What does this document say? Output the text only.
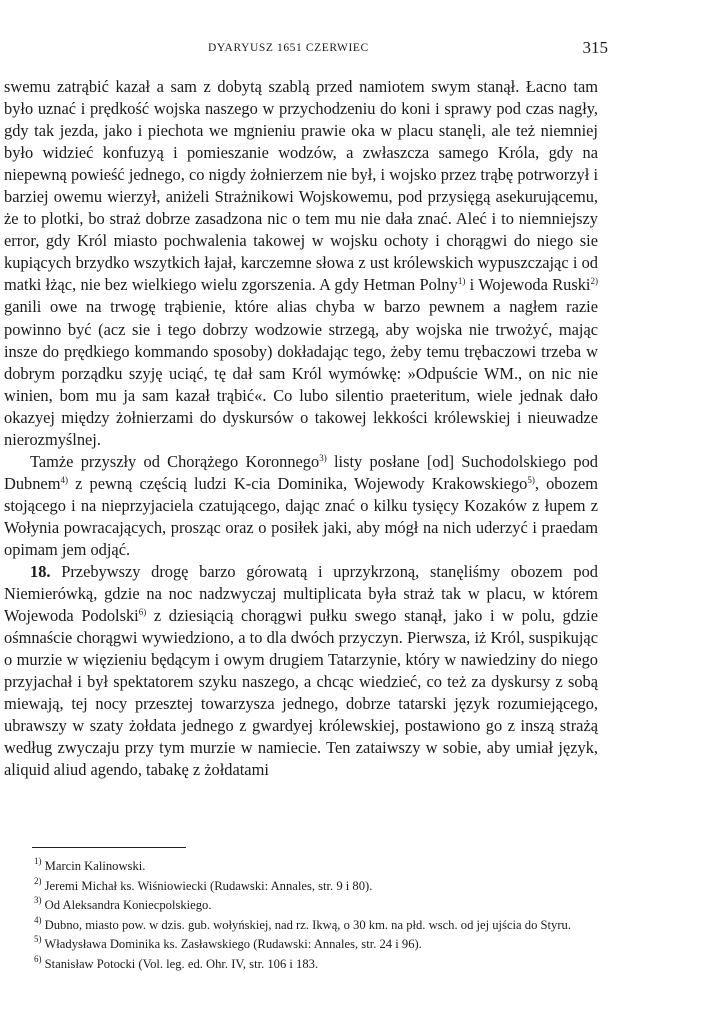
DYARYUSZ 1651 CZERWIEC	315

swemu zatrąbić kazał a sam z dobytą szablą przed namiotem swym stanął. Łacno tam było uznać i prędkość wojska naszego w przychodzeniu do koni i sprawy pod czas nagły, gdy tak jezda, jako i piechota we mgnieniu prawie oka w placu stanęli, ale też niemniej było widzieć konfuzyą i pomieszanie wodzów, a zwłaszcza samego Króla, gdy na niepewną powieść jednego, co nigdy żołnierzem nie był, i wojsko przez trąbę potrworzył i barziej owemu wierzył, aniżeli Strażnikowi Wojskowemu, pod przysięgą asekurującemu, że to plotki, bo straż dobrze zasadzona nic o tem mu nie dała znać. Aleć i to niemniejszy error, gdy Król miasto pochwalenia takowej w wojsku ochoty i chorągwi do niego sie kupiących brzydko wszytkich łajał, karczemne słowa z ust królewskich wypuszczając i od matki łżąc, nie bez wielkiego wielu zgorszenia. A gdy Hetman Polny$^{1)}$ i Wojewoda Ruski$^{2)}$ ganili owe na trwogę trąbienie, które alias chyba w barzo pewnem a nagłem razie powinno być (acz sie i tego dobrzy wodzowie strzegą, aby wojska nie trwożyć, mając insze do prędkiego kommando sposoby) dokładając tego, żeby temu trębaczowi trzeba w dobrym porządku szyję uciąć, tę dał sam Król wymówkę: »Odpuście WM., on nic nie winien, bom mu ja sam kazał trąbić«. Co lubo silentio praeteritum, wiele jednak dało okazyej między żołnierzami do dyskursów o takowej lekkości królewskiej i nieuwadze nierozmyślnej.

Tamże przyszły od Chorążego Koronnego$^{3)}$ listy posłane [od] Suchodolskiego pod Dubnem$^{4)}$ z pewną częścią ludzi K-cia Dominika, Wojewody Krakowskiego$^{5)}$, obozem stojącego i na nieprzyjaciela czatującego, dając znać o kilku tysięcy Kozaków z łupem z Wołynia powracających, prosząc oraz o posiłek jaki, aby mógł na nich uderzyć i praedam opimam jem odjąć.

18. Przebywszy drogę barzo górowatą i uprzykrzoną, stanęliśmy obozem pod Niemierówką, gdzie na noc nadzwyczaj multiplicata była straż tak w placu, w którem Wojewoda Podolski$^{6)}$ z dziesiącią chorągwi pułku swego stanął, jako i w polu, gdzie ośmnaście chorągwi wywiedziono, a to dla dwóch przyczyn. Pierwsza, iż Król, suspikując o murzie w więzieniu będącym i owym drugiem Tatarzynie, który w nawiedziny do niego przyjachał i był spektatorem szyku naszego, a chcąc wiedzieć, co też za dyskursy z sobą miewają, tej nocy przesztej towarzysza jednego, dobrze tatarski język rozumiejącego, ubrawszy w szaty żołdata jednego z gwardyej królewskiej, postawiono go z inszą strażą według zwyczaju przy tym murzie w namiecie. Ten zataiwszy w sobie, aby umiał język, aliquid aliud agendo, tabakę z żołdatami

$^{1)}$ Marcin Kalinowski.

$^{2)}$ Jeremi Michał ks. Wiśniowiecki (Rudawski: Annales, str. 9 i 80).

$^{3)}$ Od Aleksandra Koniecpolskiego.

$^{4)}$ Dubno, miasto pow. w dzis. gub. wołyńskiej, nad rz. Ikwą, o 30 km. na płd. wsch. od jej ujścia do Styru.

$^{5)}$ Władysława Dominika ks. Zasławskiego (Rudawski: Annales, str. 24 i 96).

$^{6)}$ Stanisław Potocki (Vol. leg. ed. Ohr. IV, str. 106 i 183.
